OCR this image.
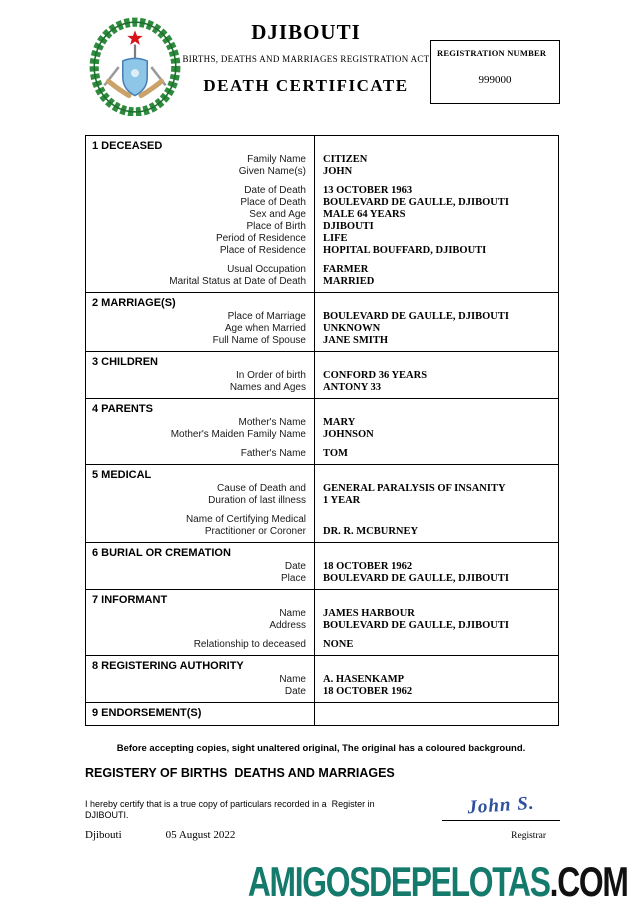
DJIBOUTI
BIRTHS, DEATHS AND MARRIAGES REGISTRATION ACT
DEATH CERTIFICATE
REGISTRATION NUMBER
999000
1 DECEASED
Family Name	CITIZEN
Given Name(s)	JOHN
Date of Death	13 OCTOBER 1963
Place of Death	BOULEVARD DE GAULLE, DJIBOUTI
Sex and Age	MALE 64 YEARS
Place of Birth	DJIBOUTI
Period of Residence	LIFE
Place of Residence	HOPITAL BOUFFARD, DJIBOUTI
Usual Occupation	FARMER
Marital Status at Date of Death	MARRIED
2 MARRIAGE(S)
Place of Marriage	BOULEVARD DE GAULLE, DJIBOUTI
Age when Married	UNKNOWN
Full Name of Spouse	JANE SMITH
3 CHILDREN
In Order of birth	CONFORD 36 YEARS
Names and Ages	ANTONY 33
4 PARENTS
Mother's Name	MARY
Mother's Maiden Family Name	JOHNSON
Father's Name	TOM
5 MEDICAL
Cause of Death and	GENERAL PARALYSIS OF INSANITY
Duration of last illness	1 YEAR
Name of Certifying Medical
Practitioner or Coroner	DR. R. MCBURNEY
6 BURIAL OR CREMATION
Date	18 OCTOBER 1962
Place	BOULEVARD DE GAULLE, DJIBOUTI
7 INFORMANT
Name	JAMES HARBOUR
Address	BOULEVARD DE GAULLE, DJIBOUTI
Relationship to deceased	NONE
8 REGISTERING AUTHORITY
Name	A. HASENKAMP
Date	18 OCTOBER 1962
9 ENDORSEMENT(S)
Before accepting copies, sight unaltered original, The original has a coloured background.
REGISTERY OF BIRTHS  DEATHS AND MARRIAGES
I hereby certify that is a true copy of particulars recorded in a  Register in DJIBOUTI.	John S.
Djibouti	05 August 2022	Registrar
AMIGOSDEPELOTAS.COM
